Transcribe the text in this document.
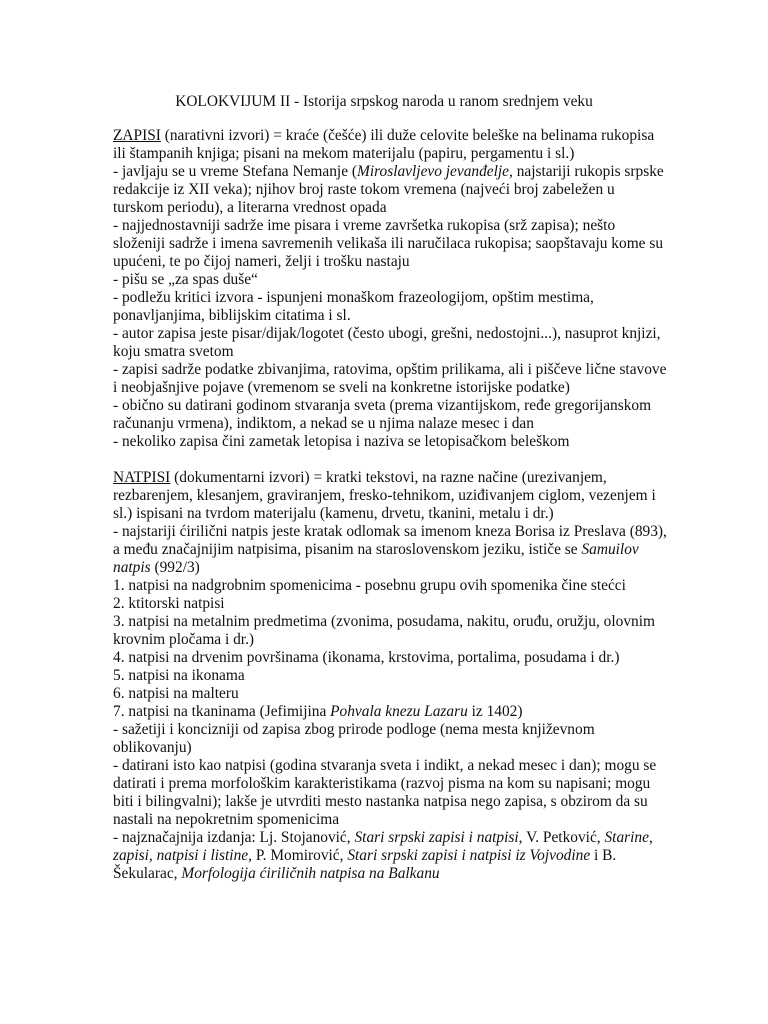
KOLOKVIJUM II - Istorija srpskog naroda u ranom srednjem veku
ZAPISI (narativni izvori) = kraće (češće) ili duže celovite beleške na belinama rukopisa
ili štampanih knjiga; pisani na mekom materijalu (papiru, pergamentu i sl.)
- javljaju se u vreme Stefana Nemanje (Miroslavljevo jevanđelje, najstariji rukopis srpske
redakcije iz XII veka); njihov broj raste tokom vremena (najveći broj zabeležen u
turskom periodu), a literarna vrednost opada
- najjednostavniji sadrže ime pisara i vreme završetka rukopisa (srž zapisa); nešto
složeniji sadrže i imena savremenih velikaša ili naručilaca rukopisa; saopštavaju kome su
upućeni, te po čijoj nameri, želji i trošku nastaju
- pišu se „za spas duše“
- podležu kritici izvora - ispunjeni monaškom frazeologijom, opštim mestima,
ponavljanjima, biblijskim citatima i sl.
- autor zapisa jeste pisar/dijak/logotet (često ubogi, grešni, nedostojni...), nasuprot knjizi,
koju smatra svetom
- zapisi sadrže podatke zbivanjima, ratovima, opštim prilikama, ali i piščeve lične stavove
i neobjašnjive pojave (vremenom se sveli na konkretne istorijske podatke)
- obično su datirani godinom stvaranja sveta (prema vizantijskom, ređe gregorijanskom
računanju vrmena), indiktom, a nekad se u njima nalaze mesec i dan
- nekoliko zapisa čini zametak letopisa i naziva se letopisačkom beleškom
NATPISI (dokumentarni izvori) = kratki tekstovi, na razne načine (urezivanjem,
rezbarenjem, klesanjem, graviranjem, fresko-tehnikom, uziđivanjem ciglom, vezenjem i
sl.) ispisani na tvrdom materijalu (kamenu, drvetu, tkanini, metalu i dr.)
- najstariji ćirilični natpis jeste kratak odlomak sa imenom kneza Borisa iz Preslava (893),
a među značajnijim natpisima, pisanim na staroslovenskom jeziku, ističe se Samuilov
natpis (992/3)
1. natpisi na nadgrobnim spomenicima - posebnu grupu ovih spomenika čine stećci
2. ktitorski natpisi
3. natpisi na metalnim predmetima (zvonima, posudama, nakitu, oruđu, oružju, olovnim
krovnim pločama i dr.)
4. natpisi na drvenim površinama (ikonama, krstovima, portalima, posudama i dr.)
5. natpisi na ikonama
6. natpisi na malteru
7. natpisi na tkaninama (Jefimijina Pohvala knezu Lazaru iz 1402)
- sažetiji i koncizniji od zapisa zbog prirode podloge (nema mesta književnom
oblikovanju)
- datirani isto kao natpisi (godina stvaranja sveta i indikt, a nekad mesec i dan); mogu se
datirati i prema morfološkim karakteristikama (razvoj pisma na kom su napisani; mogu
biti i bilingvalni); lakše je utvrditi mesto nastanka natpisa nego zapisa, s obzirom da su
nastali na nepokretnim spomenicima
- najznačajnija izdanja: Lj. Stojanović, Stari srpski zapisi i natpisi, V. Petković, Starine,
zapisi, natpisi i listine, P. Momirović, Stari srpski zapisi i natpisi iz Vojvodine i B.
Šekularac, Morfologija ćiriličnih natpisa na Balkanu
